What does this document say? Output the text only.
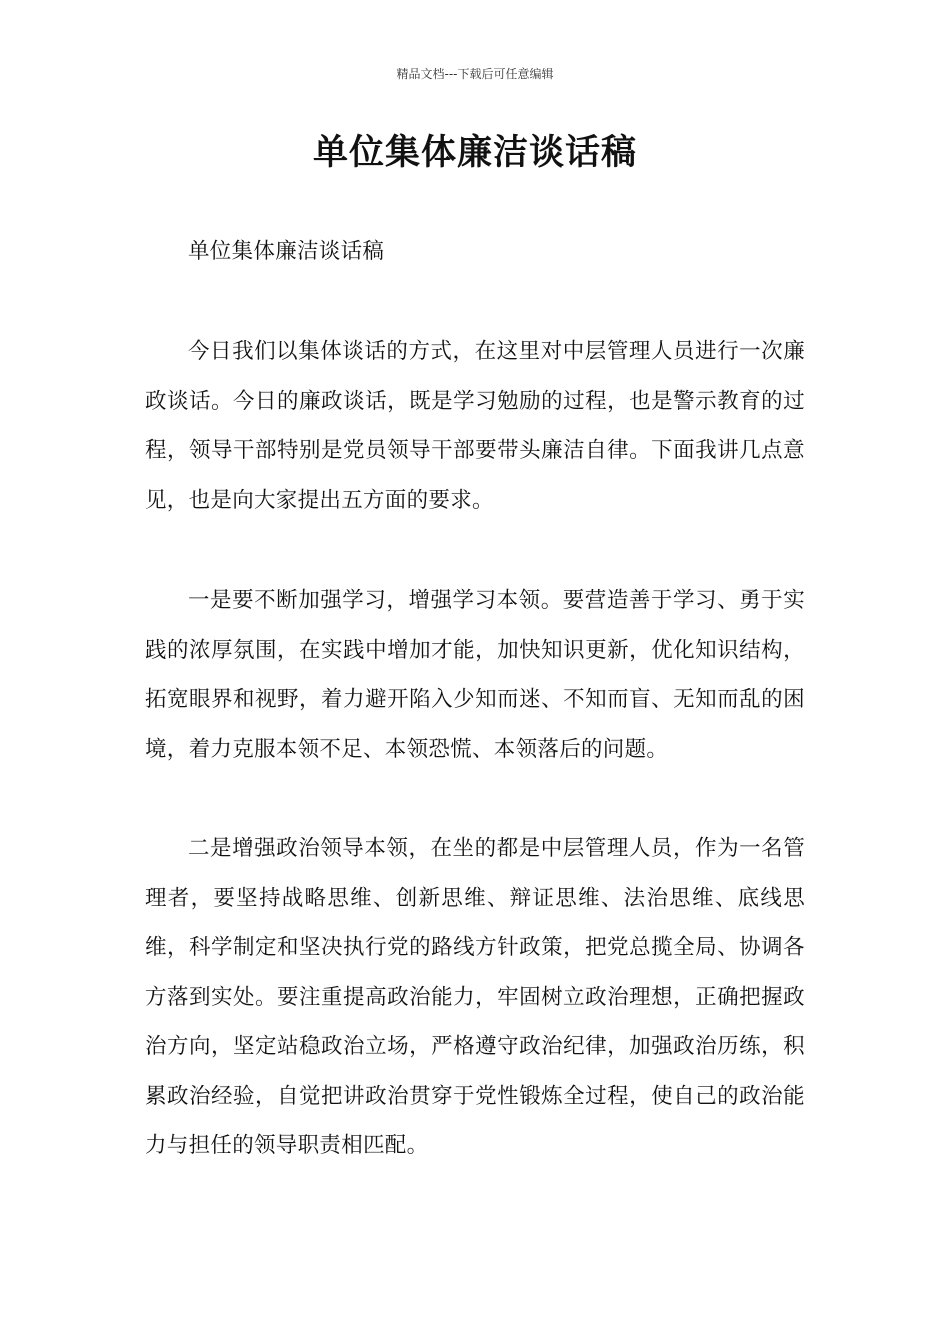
精品文档---下载后可任意编辑
单位集体廉洁谈话稿

单位集体廉洁谈话稿

今日我们以集体谈话的方式，在这里对中层管理人员进行一次廉政谈话。今日的廉政谈话，既是学习勉励的过程，也是警示教育的过程，领导干部特别是党员领导干部要带头廉洁自律。下面我讲几点意见，也是向大家提出五方面的要求。

一是要不断加强学习，增强学习本领。要营造善于学习、勇于实践的浓厚氛围，在实践中增加才能，加快知识更新，优化知识结构，拓宽眼界和视野，着力避开陷入少知而迷、不知而盲、无知而乱的困境，着力克服本领不足、本领恐慌、本领落后的问题。

二是增强政治领导本领，在坐的都是中层管理人员，作为一名管理者，要坚持战略思维、创新思维、辩证思维、法治思维、底线思维，科学制定和坚决执行党的路线方针政策，把党总揽全局、协调各方落到实处。要注重提高政治能力，牢固树立政治理想，正确把握政治方向，坚定站稳政治立场，严格遵守政治纪律，加强政治历练，积累政治经验，自觉把讲政治贯穿于党性锻炼全过程，使自己的政治能力与担任的领导职责相匹配。
